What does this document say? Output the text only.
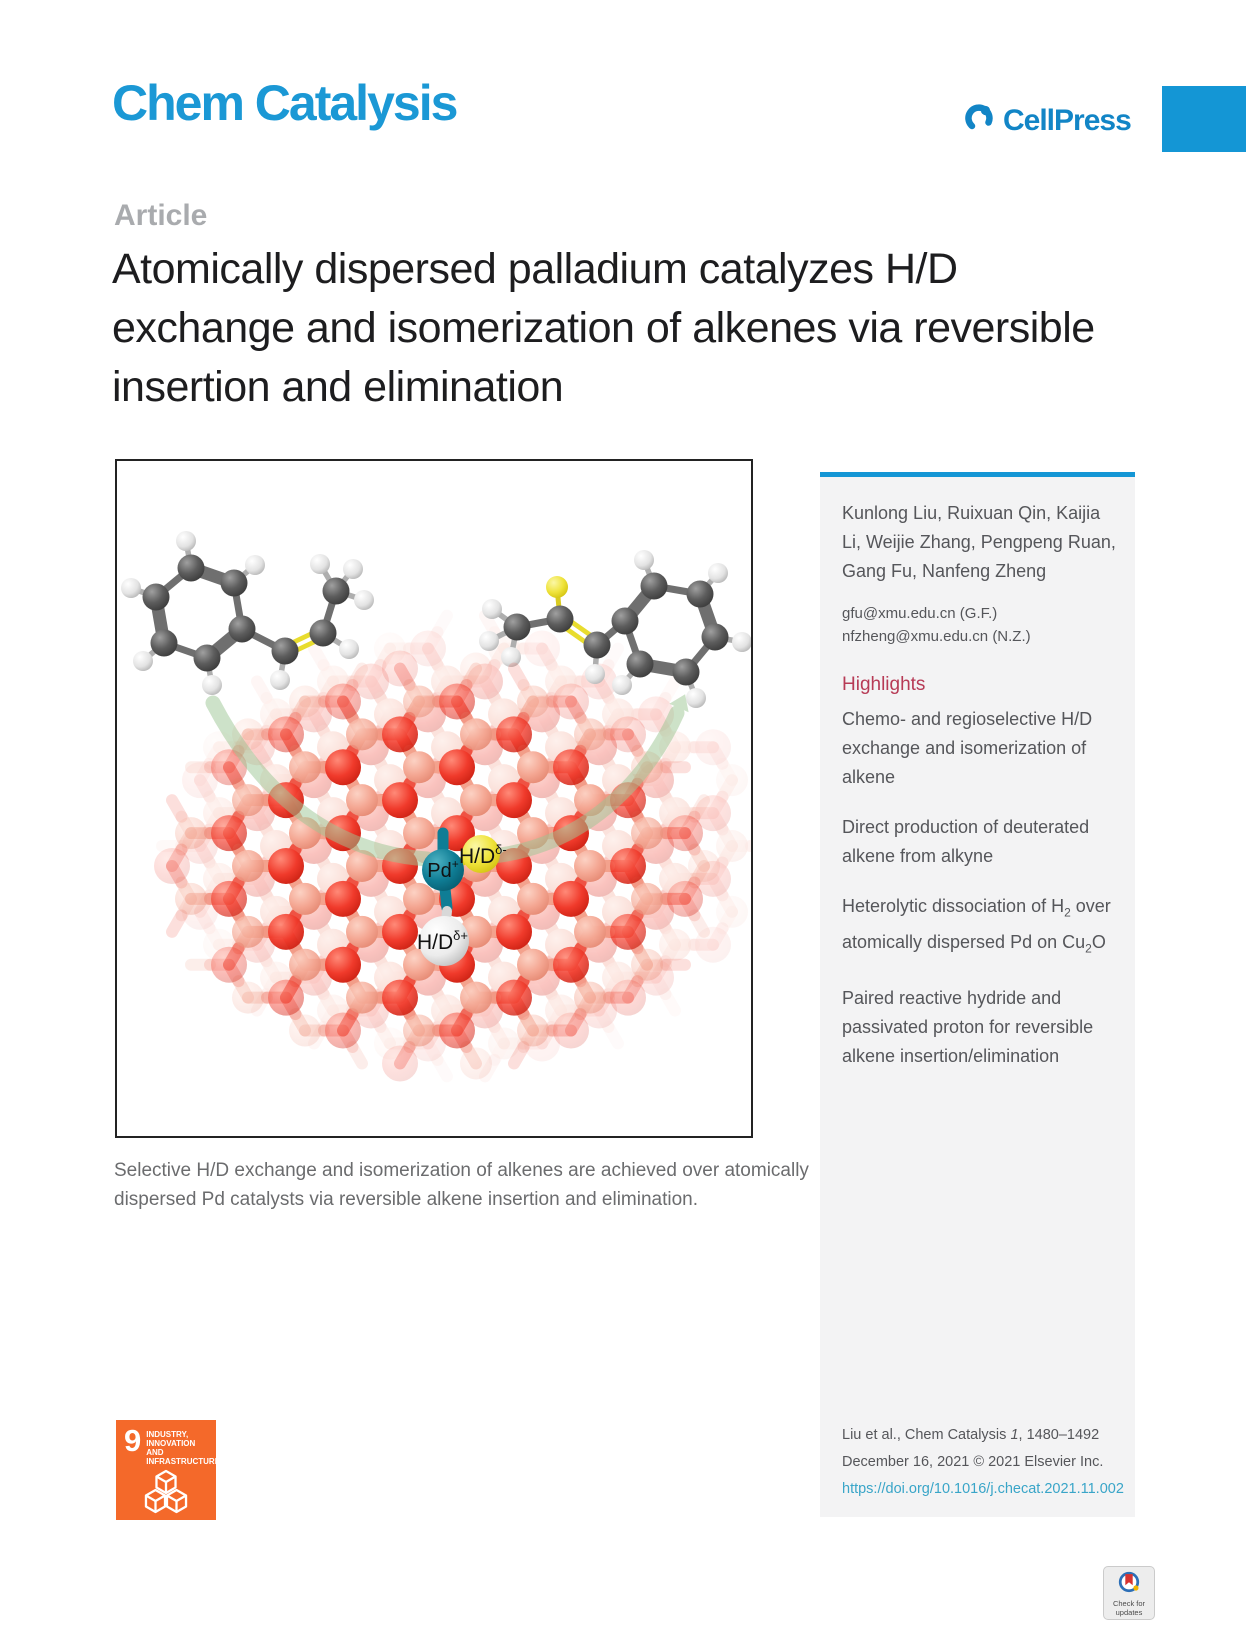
Chem Catalysis	CellPress
Article
Atomically dispersed palladium catalyzes H/D exchange and isomerization of alkenes via reversible insertion and elimination
Pd+ $H/D^{\delta-}$
$H/D^{\delta+}$
Selective H/D exchange and isomerization of alkenes are achieved over atomically dispersed Pd catalysts via reversible alkene insertion and elimination.

Kunlong Liu, Ruixuan Qin, Kaijia Li, Weijie Zhang, Pengpeng Ruan, Gang Fu, Nanfeng Zheng

gfu@xmu.edu.cn (G.F.)
nfzheng@xmu.edu.cn (N.Z.)

Highlights

Chemo- and regioselective H/D exchange and isomerization of alkene

Direct production of deuterated alkene from alkyne

Heterolytic dissociation of $H_2$ over atomically dispersed Pd on $Cu_2O$

Paired reactive hydride and passivated proton for reversible alkene insertion/elimination

Liu et al., Chem Catalysis 1, 1480–1492
December 16, 2021 © 2021 Elsevier Inc.
https://doi.org/10.1016/j.checat.2021.11.002
9 INDUSTRY, INNOVATION
AND INFRASTRUCTURE
Check for
updates
